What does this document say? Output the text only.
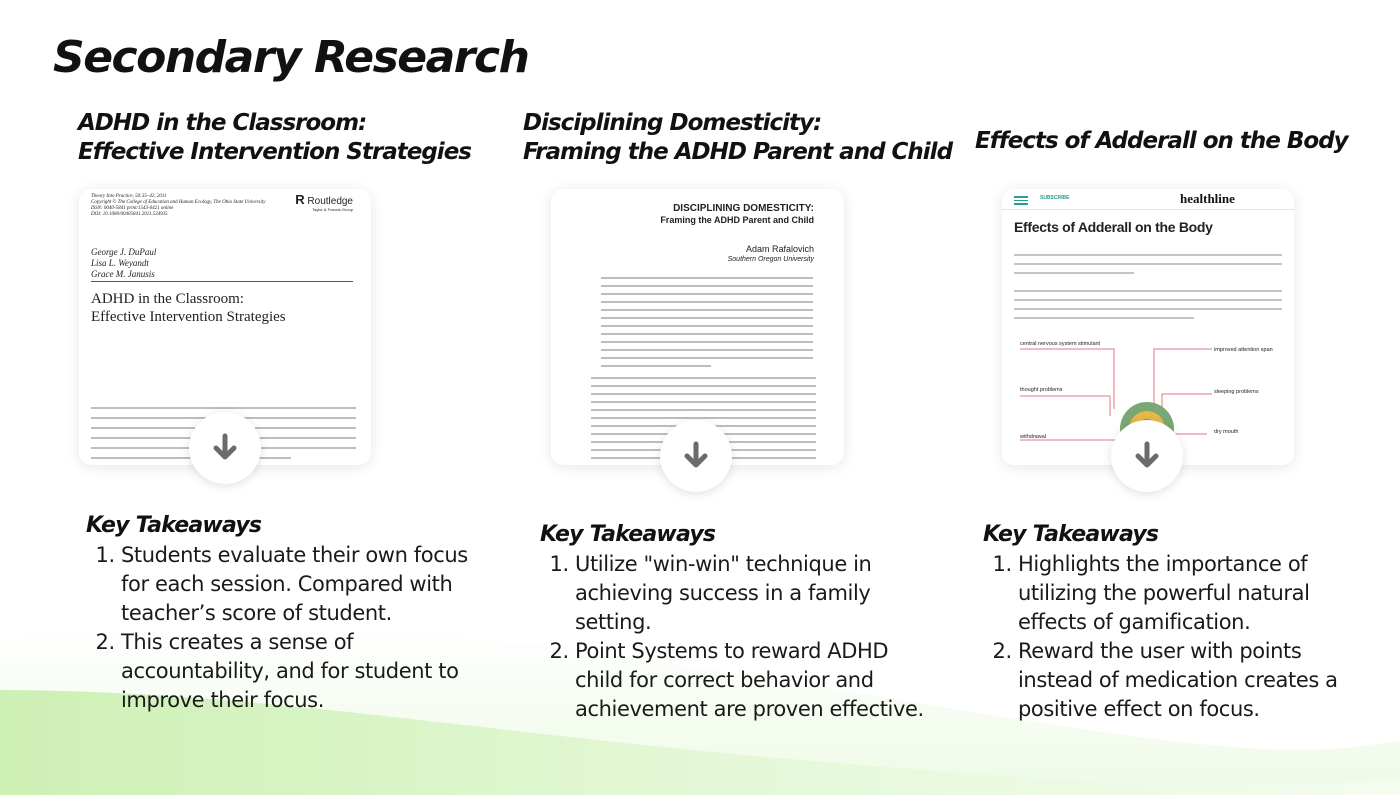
Secondary Research
ADHD in the Classroom:
Effective Intervention Strategies
Theory Into Practice, 50:35–42, 2011
Copyright © The College of Education and Human Ecology, The Ohio State University
ISSN: 0040-5841 print/1543-0421 online
DOI: 10.1080/00405841.2011.534935
R Routledge
Taylor & Francis Group
George J. DuPaul
Lisa L. Weyandt
Grace M. Janusis
ADHD in the Classroom:
Effective Intervention Strategies
Key Takeaways
1. Students evaluate their own focus for each session. Compared with teacher’s score of student.
2. This creates a sense of accountability, and for student to improve their focus.
Disciplining Domesticity:
Framing the ADHD Parent and Child
DISCIPLINING DOMESTICITY:
Framing the ADHD Parent and Child
Adam Rafalovich
Southern Oregon University
Key Takeaways
1. Utilize "win-win" technique in achieving success in a family setting.
2. Point Systems to reward ADHD child for correct behavior and achievement are proven effective.
Effects of Adderall on the Body
SUBSCRIBE	healthline
Effects of Adderall on the Body
central nervous system stimulant
thought problems
withdrawal
improved attention span
sleeping problems
dry mouth
Key Takeaways
1. Highlights the importance of utilizing the powerful natural effects of gamification.
2. Reward the user with points instead of medication creates a positive effect on focus.
